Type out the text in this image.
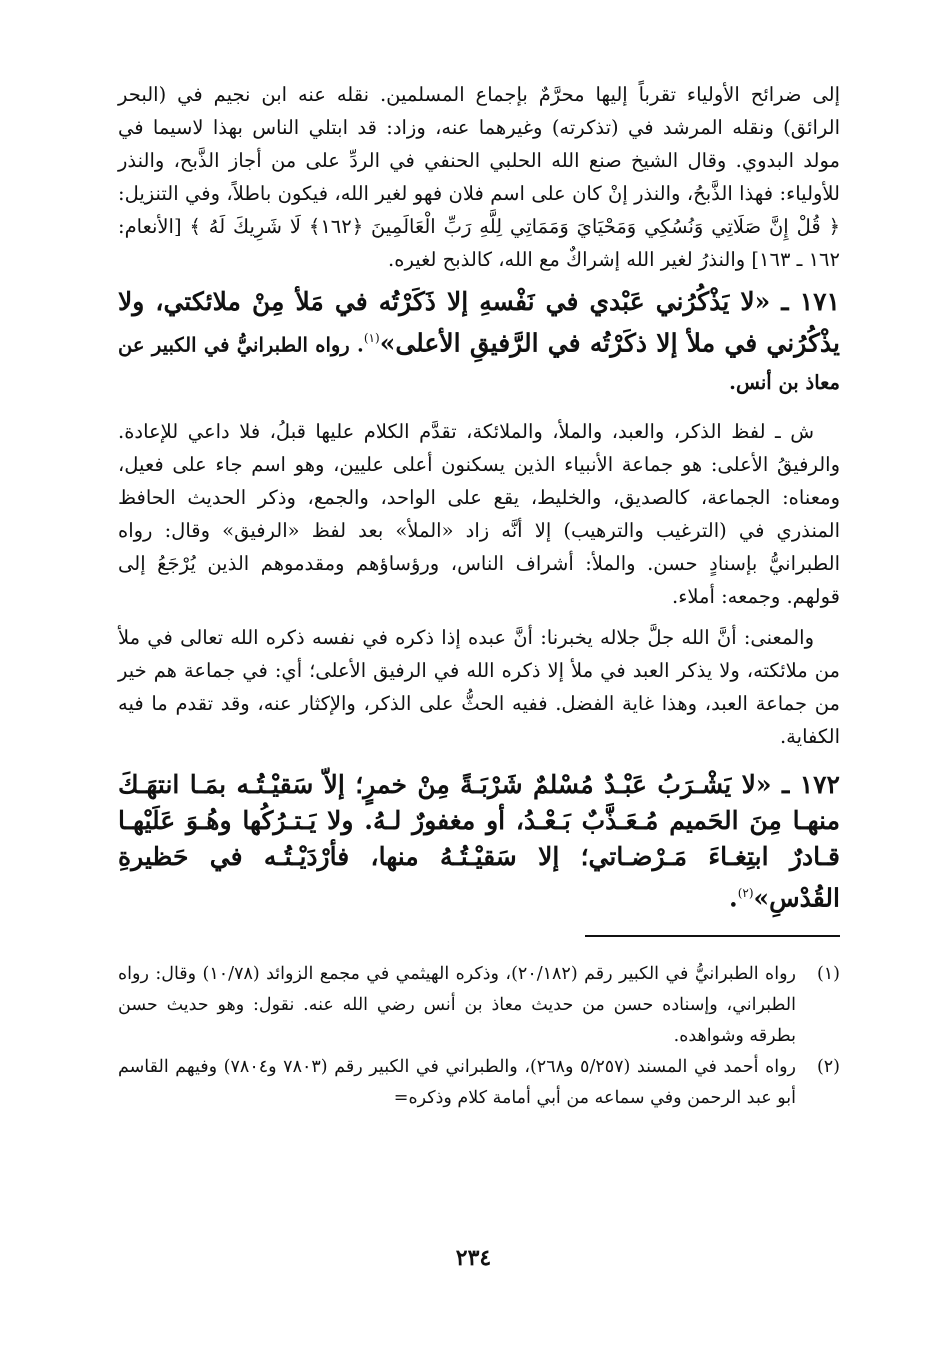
إلى ضرائح الأولياء تقرباً إليها محرَّمٌ بإجماع المسلمين. نقله عنه ابن نجيم في (البحر الرائق) ونقله المرشد في (تذكرته) وغيرهما عنه، وزاد: قد ابتلي الناس بهذا لاسيما في مولد البدوي. وقال الشيخ صنع الله الحلبي الحنفي في الردِّ على من أجاز الذَّبح، والنذر للأولياء: فهذا الذَّبحُ، والنذر إنْ كان على اسم فلان فهو لغير الله، فيكون باطلاً، وفي التنزيل: ﴿ قُلْ إِنَّ صَلَاتِي وَنُسُكِي وَمَحْيَايَ وَمَمَاتِي لِلَّهِ رَبِّ الْعَالَمِينَ ﴿١٦٢﴾ لَا شَرِيكَ لَهُ ﴾ [الأنعام: ١٦٢ ـ ١٦٣] والنذرُ لغير الله إشراكٌ مع الله، كالذبح لغيره.

١٧١ ـ «لا يَذْكُرُني عَبْدي في نَفْسهِ إلا ذَكَرْتُه في مَلأ مِنْ ملائكتي، ولا يذْكُرُني في ملأ إلا ذكَرْتُه في الرَّفيقِ الأعلى»$^{(١)}$. رواه الطبرانيُّ في الكبير عن معاذ بن أنس.

ش ـ لفظ الذكر، والعبد، والملأ، والملائكة، تقدَّم الكلام عليها قبلُ، فلا داعي للإعادة. والرفيقُ الأعلى: هو جماعة الأنبياء الذين يسكنون أعلى عليين، وهو اسم جاء على فعيل، ومعناه: الجماعة، كالصديق، والخليط، يقع على الواحد، والجمع، وذكر الحديث الحافظ المنذري في (الترغيب والترهيب) إلا أنَّه زاد «الملأ» بعد لفظ «الرفيق» وقال: رواه الطبرانيُّ بإسنادٍ حسن. والملأ: أشراف الناس، ورؤساؤهم ومقدموهم الذين يُرْجَعُ إلى قولهم. وجمعه: أملاء.

والمعنى: أنَّ الله جلَّ جلاله يخبرنا: أنَّ عبده إذا ذكره في نفسه ذكره الله تعالى في ملأ من ملائكته، ولا يذكر العبد في ملأ إلا ذكره الله في الرفيق الأعلى؛ أي: في جماعة هم خير من جماعة العبد، وهذا غاية الفضل. ففيه الحثُّ على الذكر، والإكثار عنه، وقد تقدم ما فيه الكفاية.

١٧٢ ـ «لا يَشْـرَبُ عَبْـدٌ مُسْلمٌ شَرْبَـةً مِنْ خمرٍ؛ إلاّ سَقيْـتُـه بمَـا انتهَـكَ منهـا مِنَ الحَميم مُـعَـذَّبٌ بَـعْـدُ، أو مغفورٌ لـهُ. ولا يَـتـرُكُها وهُـوَ عَلَيْهـا قـادرٌ ابتِغـاءَ مَـرْضـاتي؛ إلا سَقيْـتُـهُ منها، فأرْدَيْـتُـه في حَظيرةِ القُدْسِ»$^{(٢)}$.

(١)
رواه الطبرانيُّ في الكبير رقم (٢٠/١٨٢)، وذكره الهيثمي في مجمع الزوائد (١٠/٧٨) وقال: رواه الطبراني، وإسناده حسن من حديث معاذ بن أنس رضي الله عنه. نقول: وهو حديث حسن بطرقه وشواهده.
(٢)
رواه أحمد في المسند (٥/٢٥٧ و٢٦٨)، والطبراني في الكبير رقم (٧٨٠٣ و٧٨٠٤) وفيهم القاسم أبو عبد الرحمن وفي سماعه من أبي أمامة كلام وذكره=
٢٣٤
